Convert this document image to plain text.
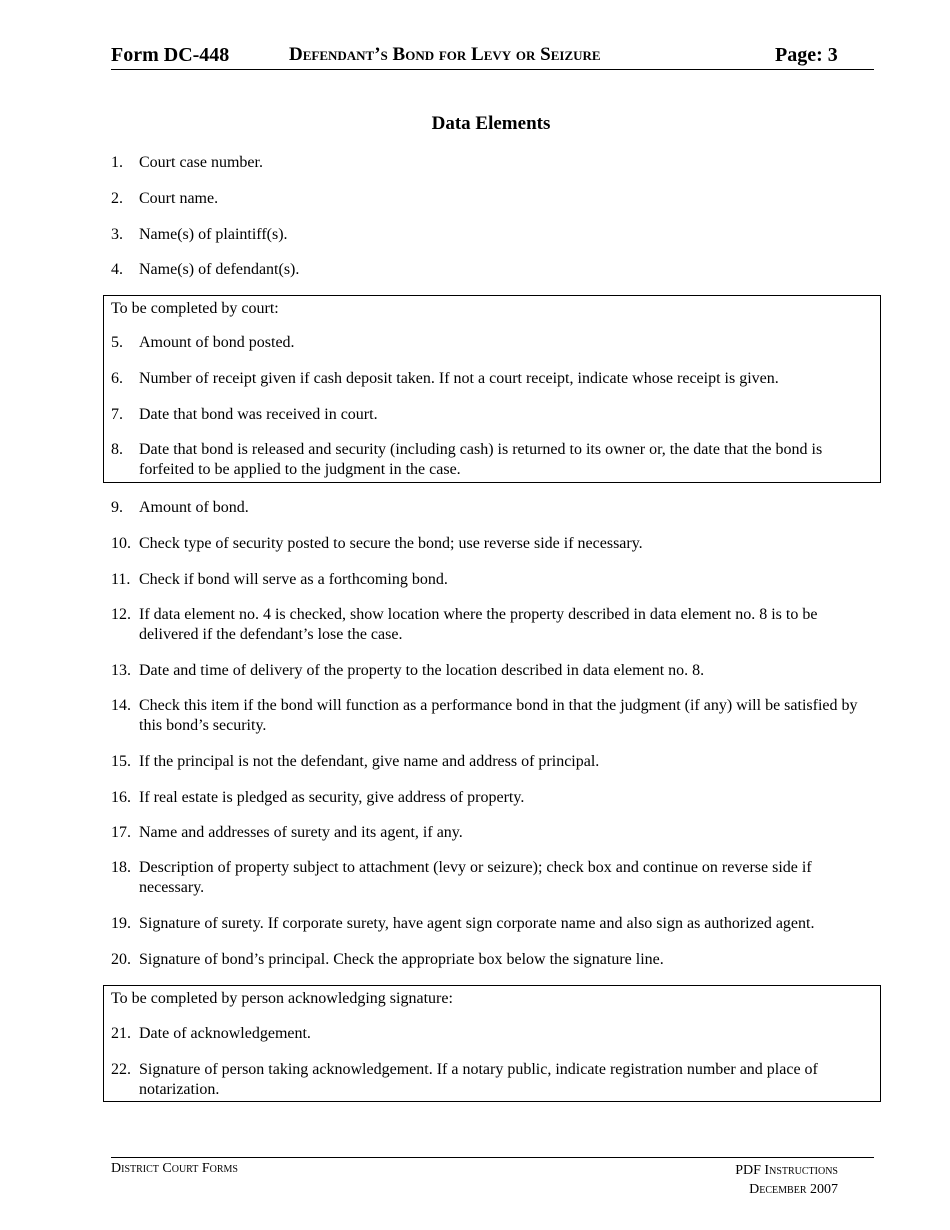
Form DC-448	Defendant’s Bond for Levy or Seizure	Page: 3
Data Elements
To be completed by court:
To be completed by person acknowledging signature:
1. Court case number.
2. Court name.
3. Name(s) of plaintiff(s).
4. Name(s) of defendant(s).
5. Amount of bond posted.
6. Number of receipt given if cash deposit taken. If not a court receipt, indicate whose receipt is given.
7. Date that bond was received in court.
8. Date that bond is released and security (including cash) is returned to its owner or, the date that the bond is forfeited to be applied to the judgment in the case.
9. Amount of bond.
10. Check type of security posted to secure the bond; use reverse side if necessary.
11. Check if bond will serve as a forthcoming bond.
12. If data element no. 4 is checked, show location where the property described in data element no. 8 is to be delivered if the defendant’s lose the case.
13. Date and time of delivery of the property to the location described in data element no. 8.
14. Check this item if the bond will function as a performance bond in that the judgment (if any) will be satisfied by this bond’s security.
15. If the principal is not the defendant, give name and address of principal.
16. If real estate is pledged as security, give address of property.
17. Name and addresses of surety and its agent, if any.
18. Description of property subject to attachment (levy or seizure); check box and continue on reverse side if necessary.
19. Signature of surety. If corporate surety, have agent sign corporate name and also sign as authorized agent.
20. Signature of bond’s principal. Check the appropriate box below the signature line.
21. Date of acknowledgement.
22. Signature of person taking acknowledgement. If a notary public, indicate registration number and place of notarization.
District Court Forms	PDF Instructions
December 2007
